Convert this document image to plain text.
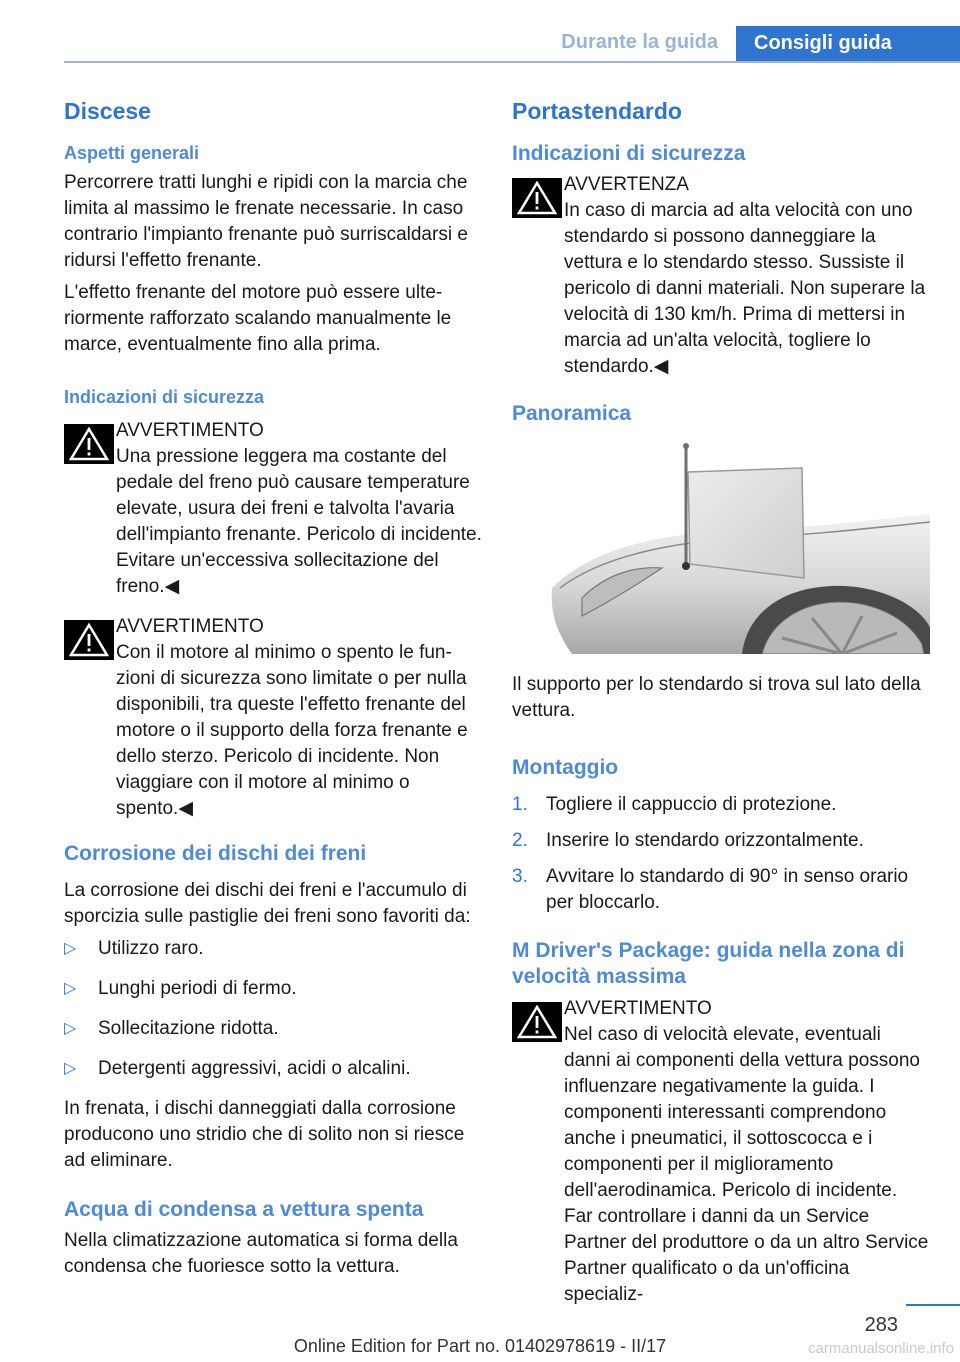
Durante la guida	Consigli guida
Discese
Aspetti generali

Percorrere tratti lunghi e ripidi con la marcia che limita al massimo le frenate necessarie. In caso contrario l'impianto frenante può surriscaldarsi e ridursi l'effetto frenante.

L'effetto frenante del motore può essere ulteriormente rafforzato scalando manualmente le marce, eventualmente fino alla prima.

Indicazioni di sicurezza
AVVERTIMENTO
Una pressione leggera ma costante del pedale del freno può causare temperature elevate, usura dei freni e talvolta l'avaria dell'impianto frenante. Pericolo di incidente. Evitare un'eccessiva sollecitazione del freno.◀
AVVERTIMENTO
Con il motore al minimo o spento le funzioni di sicurezza sono limitate o per nulla disponibili, tra queste l'effetto frenante del motore o il supporto della forza frenante e dello sterzo. Pericolo di incidente. Non viaggiare con il motore al minimo o spento.◀
Corrosione dei dischi dei freni

La corrosione dei dischi dei freni e l'accumulo di sporcizia sulle pastiglie dei freni sono favoriti da:

▷ Utilizzo raro.
▷ Lunghi periodi di fermo.
▷ Sollecitazione ridotta.
▷ Detergenti aggressivi, acidi o alcalini.

In frenata, i dischi danneggiati dalla corrosione producono uno stridio che di solito non si riesce ad eliminare.

Acqua di condensa a vettura spenta

Nella climatizzazione automatica si forma della condensa che fuoriesce sotto la vettura.

Portastendardo
Indicazioni di sicurezza
AVVERTENZA
In caso di marcia ad alta velocità con uno stendardo si possono danneggiare la vettura e lo stendardo stesso. Sussiste il pericolo di danni materiali. Non superare la velocità di 130 km/h. Prima di mettersi in marcia ad un'alta velocità, togliere lo stendardo.◀
Panoramica

Il supporto per lo stendardo si trova sul lato della vettura.

Montaggio
1. Togliere il cappuccio di protezione.
2. Inserire lo stendardo orizzontalmente.
3. Avvitare lo standardo di 90° in senso orario per bloccarlo.
M Driver's Package: guida nella zona di velocità massima
AVVERTIMENTO
Nel caso di velocità elevate, eventuali danni ai componenti della vettura possono influenzare negativamente la guida. I componenti interessanti comprendono anche i pneumatici, il sottoscocca e i componenti per il miglioramento dell'aerodinamica. Pericolo di incidente. Far controllare i danni da un Service Partner del produttore o da un altro Service Partner qualificato o da un'officina specializ-
283
Online Edition for Part no. 01402978619 - II/17	carmanualsonline.info
